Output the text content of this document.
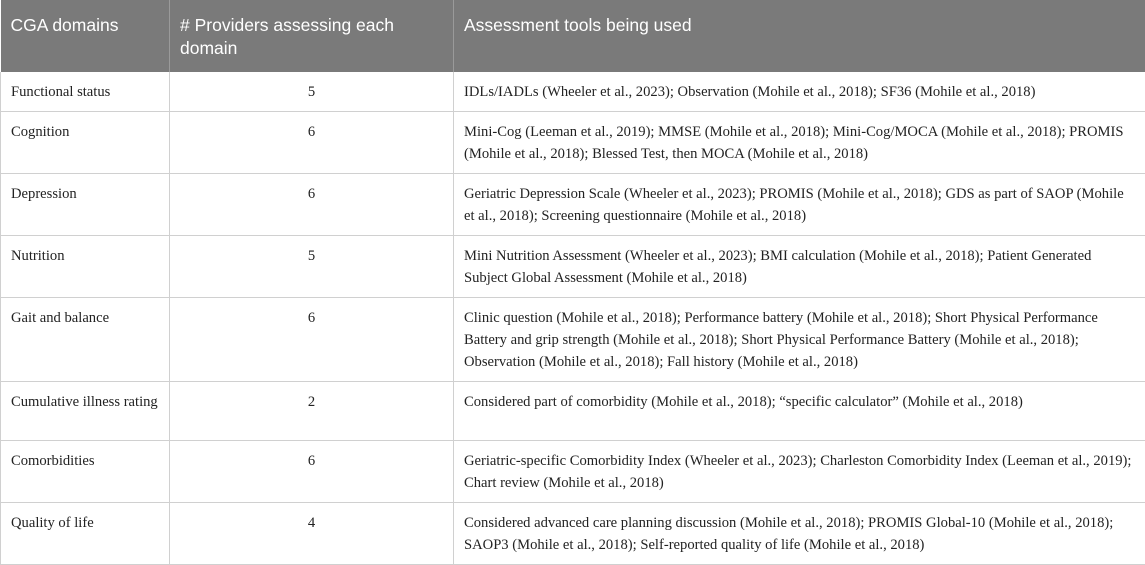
CGA domains	# Providers assessing each domain	Assessment tools being used
Functional status	5	IDLs/IADLs (Wheeler et al., 2023); Observation (Mohile et al., 2018); SF36 (Mohile et al., 2018)
Cognition	6	Mini-Cog (Leeman et al., 2019); MMSE (Mohile et al., 2018); Mini-Cog/MOCA (Mohile et al., 2018); PROMIS (Mohile et al., 2018); Blessed Test, then MOCA (Mohile et al., 2018)
Depression	6	Geriatric Depression Scale (Wheeler et al., 2023); PROMIS (Mohile et al., 2018); GDS as part of SAOP (Mohile et al., 2018); Screening questionnaire (Mohile et al., 2018)
Nutrition	5	Mini Nutrition Assessment (Wheeler et al., 2023); BMI calculation (Mohile et al., 2018); Patient Generated Subject Global Assessment (Mohile et al., 2018)
Gait and balance	6	Clinic question (Mohile et al., 2018); Performance battery (Mohile et al., 2018); Short Physical Performance Battery and grip strength (Mohile et al., 2018); Short Physical Performance Battery (Mohile et al., 2018); Observation (Mohile et al., 2018); Fall history (Mohile et al., 2018)
Cumulative illness rating	2	Considered part of comorbidity (Mohile et al., 2018); “specific calculator” (Mohile et al., 2018)
Comorbidities	6	Geriatric-specific Comorbidity Index (Wheeler et al., 2023); Charleston Comorbidity Index (Leeman et al., 2019); Chart review (Mohile et al., 2018)
Quality of life	4	Considered advanced care planning discussion (Mohile et al., 2018); PROMIS Global-10 (Mohile et al., 2018); SAOP3 (Mohile et al., 2018); Self-reported quality of life (Mohile et al., 2018)
